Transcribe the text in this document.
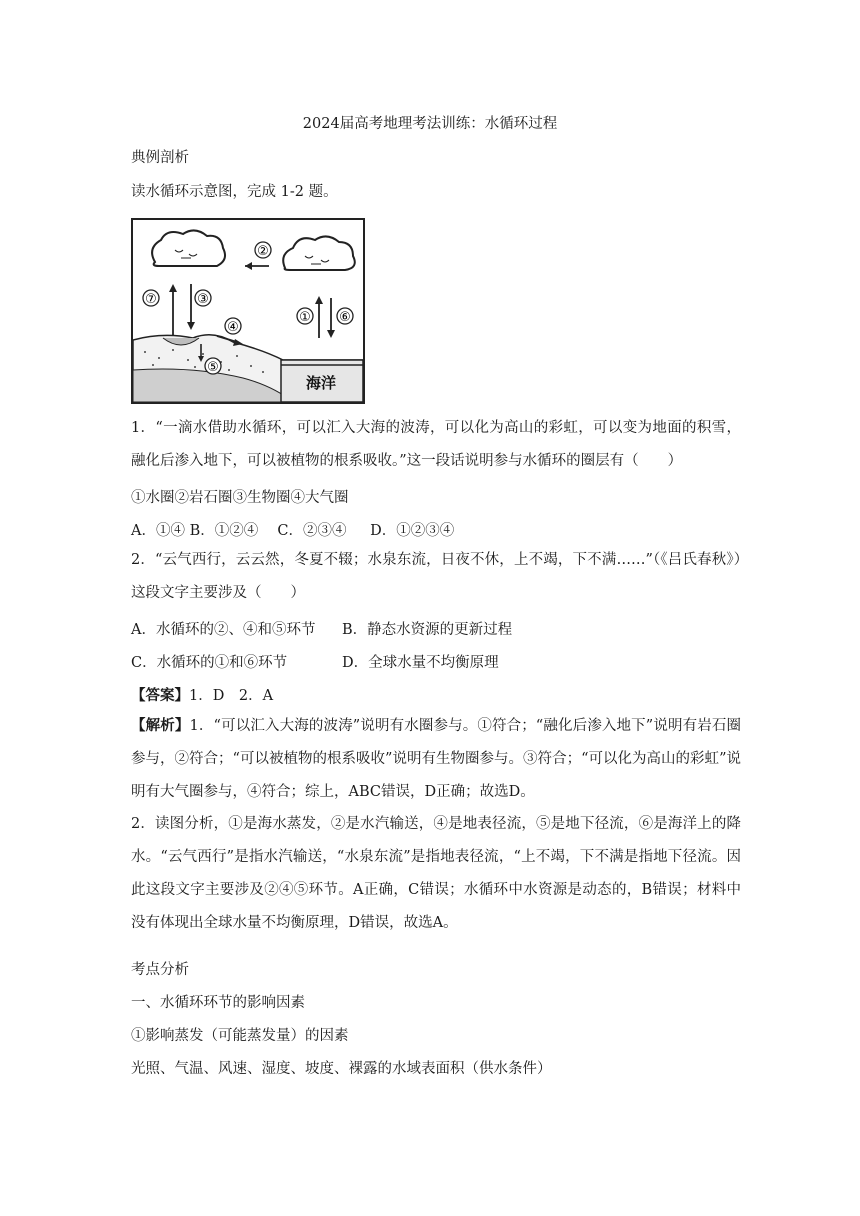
2024届高考地理考法训练：水循环过程
典例剖析
读水循环示意图，完成 1-2 题。
海洋
②
⑦	③
① ⑥
④
⑤

1．“一滴水借助水循环，可以汇入大海的波涛，可以化为高山的彩虹，可以变为地面的积雪，融化后渗入地下，可以被植物的根系吸收。”这一段话说明参与水循环的圈层有（　　）

①水圈②岩石圈③生物圈④大气圈
A．①④ B．①②④　 C．②③④　  D．①②③④

2．“云气西行，云云然，冬夏不辍；水泉东流，日夜不休，上不竭，下不满……”（《吕氏春秋》）这段文字主要涉及（　　）

A．水循环的②、④和⑤环节 B．静态水资源的更新过程
C．水循环的①和⑥环节	D．全球水量不均衡原理
【答案】1．D　2．A

【解析】1．“可以汇入大海的波涛”说明有水圈参与。①符合；“融化后渗入地下”说明有岩石圈参与，②符合；“可以被植物的根系吸收”说明有生物圈参与。③符合；“可以化为高山的彩虹”说明有大气圈参与，④符合；综上，ABC错误，D正确；故选D。

2．读图分析，①是海水蒸发，②是水汽输送，④是地表径流，⑤是地下径流，⑥是海洋上的降水。“云气西行”是指水汽输送，“水泉东流”是指地表径流，“上不竭，下不满是指地下径流。因此这段文字主要涉及②④⑤环节。A正确，C错误；水循环中水资源是动态的，B错误；材料中没有体现出全球水量不均衡原理，D错误，故选A。

考点分析
一、水循环环节的影响因素
①影响蒸发（可能蒸发量）的因素
光照、气温、风速、湿度、坡度、裸露的水域表面积（供水条件）
